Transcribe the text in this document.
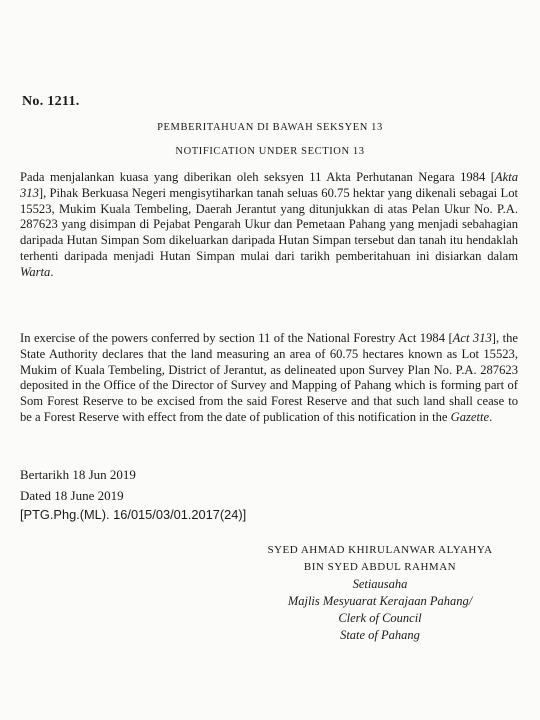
No. 1211.
PEMBERITAHUAN DI BAWAH SEKSYEN 13
NOTIFICATION UNDER SECTION 13
Pada menjalankan kuasa yang diberikan oleh seksyen 11 Akta Perhutanan Negara 1984 [Akta 313], Pihak Berkuasa Negeri mengisytiharkan tanah seluas 60.75 hektar yang dikenali sebagai Lot 15523, Mukim Kuala Tembeling, Daerah Jerantut yang ditunjukkan di atas Pelan Ukur No. P.A. 287623 yang disimpan di Pejabat Pengarah Ukur dan Pemetaan Pahang yang menjadi sebahagian daripada Hutan Simpan Som dikeluarkan daripada Hutan Simpan tersebut dan tanah itu hendaklah terhenti daripada menjadi Hutan Simpan mulai dari tarikh pemberitahuan ini disiarkan dalam Warta.
In exercise of the powers conferred by section 11 of the National Forestry Act 1984 [Act 313], the State Authority declares that the land measuring an area of 60.75 hectares known as Lot 15523, Mukim of Kuala Tembeling, District of Jerantut, as delineated upon Survey Plan No. P.A. 287623 deposited in the Office of the Director of Survey and Mapping of Pahang which is forming part of Som Forest Reserve to be excised from the said Forest Reserve and that such land shall cease to be a Forest Reserve with effect from the date of publication of this notification in the Gazette.
Bertarikh 18 Jun 2019
Dated 18 June 2019
[PTG.Phg.(ML). 16/015/03/01.2017(24)]
SYED AHMAD KHIRULANWAR ALYAHYA
BIN SYED ABDUL RAHMAN
Setiausaha
Majlis Mesyuarat Kerajaan Pahang/
Clerk of Council
State of Pahang
